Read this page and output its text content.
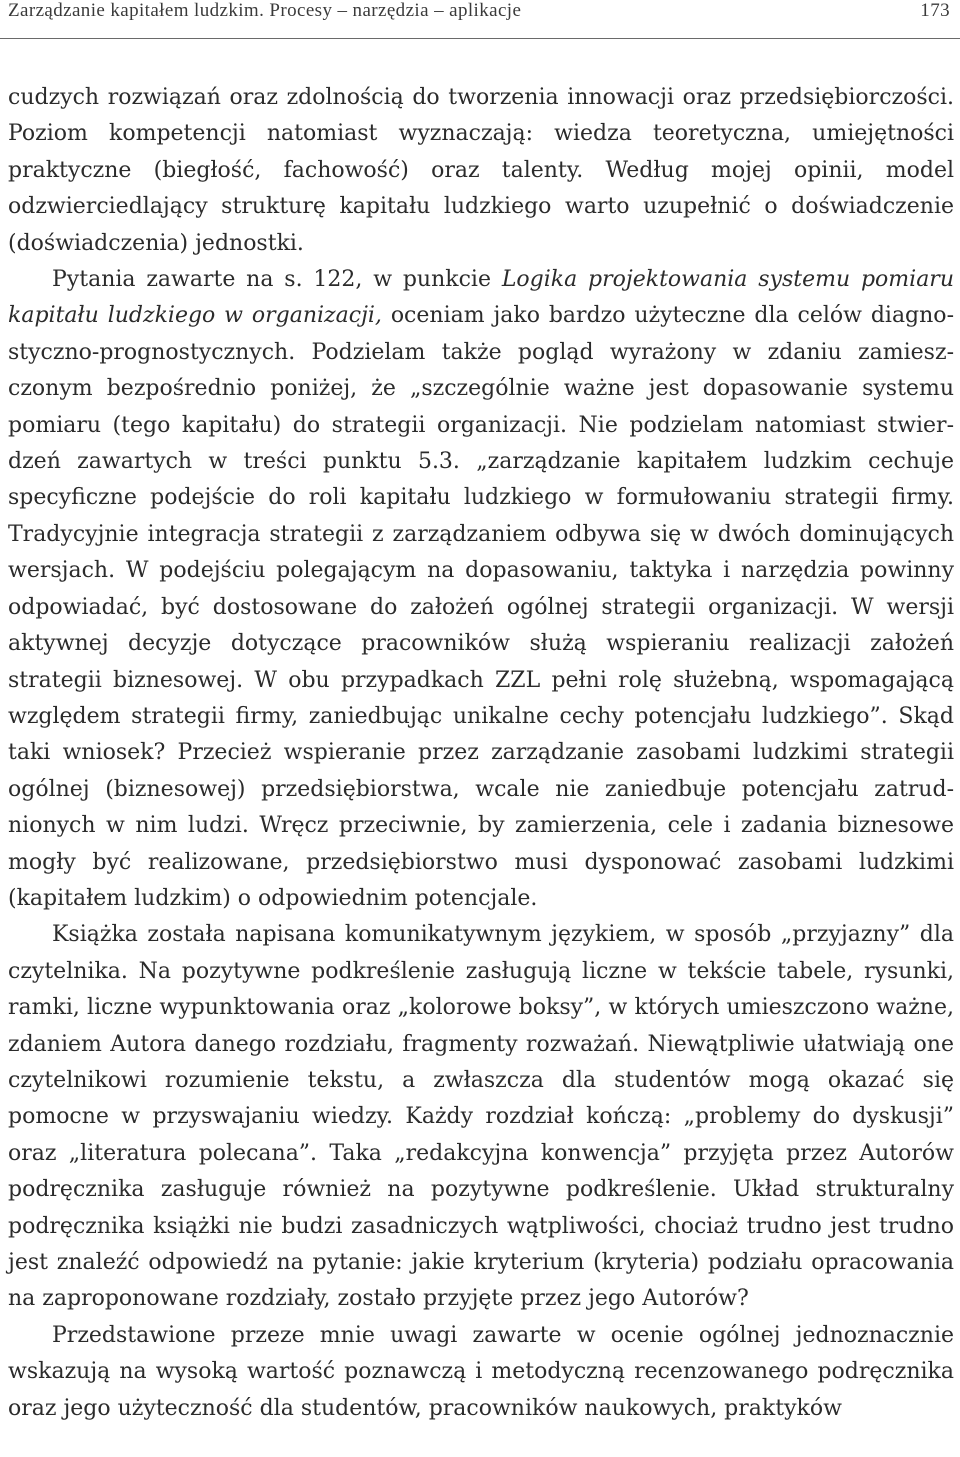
Zarządzanie kapitałem ludzkim. Procesy – narzędzia – aplikacje	173

cudzych rozwiązań oraz zdolnością do tworzenia innowacji oraz przedsiębiorczości. Poziom kompetencji natomiast wyznaczają: wiedza teoretyczna, umiejętności praktyczne (biegłość, fachowość) oraz talenty. Według mojej opinii, model odzwierciedlający strukturę kapitału ludzkiego warto uzupełnić o doświadczenie (doświadczenia) jednostki.

Pytania zawarte na s. 122, w punkcie Logika projektowania systemu pomiaru kapitału ludzkiego w organizacji, oceniam jako bardzo użyteczne dla celów diagnostyczno-prognostycznych. Podzielam także pogląd wyrażony w zdaniu zamieszczonym bezpośrednio poniżej, że „szczególnie ważne jest dopasowanie systemu pomiaru (tego kapitału) do strategii organizacji. Nie podzielam natomiast stwierdzeń zawartych w treści punktu 5.3. „zarządzanie kapitałem ludzkim cechuje specyficzne podejście do roli kapitału ludzkiego w formułowaniu strategii firmy. Tradycyjnie integracja strategii z zarządzaniem odbywa się w dwóch dominujących wersjach. W podejściu polegającym na dopasowaniu, taktyka i narzędzia powinny odpowiadać, być dostosowane do założeń ogólnej strategii organizacji. W wersji aktywnej decyzje dotyczące pracowników służą wspieraniu realizacji założeń strategii biznesowej. W obu przypadkach ZZL pełni rolę służebną, wspomagającą względem strategii firmy, zaniedbując unikalne cechy potencjału ludzkiego”. Skąd taki wniosek? Przecież wspieranie przez zarządzanie zasobami ludzkimi strategii ogólnej (biznesowej) przedsiębiorstwa, wcale nie zaniedbuje potencjału zatrudnionych w nim ludzi. Wręcz przeciwnie, by zamierzenia, cele i zadania biznesowe mogły być realizowane, przedsiębiorstwo musi dysponować zasobami ludzkimi (kapitałem ludzkim) o odpowiednim potencjale.

Książka została napisana komunikatywnym językiem, w sposób „przyjazny” dla czytelnika. Na pozytywne podkreślenie zasługują liczne w tekście tabele, rysunki, ramki, liczne wypunktowania oraz „kolorowe boksy”, w których umieszczono ważne, zdaniem Autora danego rozdziału, fragmenty rozważań. Niewątpliwie ułatwiają one czytelnikowi rozumienie tekstu, a zwłaszcza dla studentów mogą okazać się pomocne w przyswajaniu wiedzy. Każdy rozdział kończą: „problemy do dyskusji” oraz „literatura polecana”. Taka „redakcyjna konwencja” przyjęta przez Autorów podręcznika zasługuje również na pozytywne podkreślenie. Układ strukturalny podręcznika książki nie budzi zasadniczych wątpliwości, chociaż trudno jest trudno jest znaleźć odpowiedź na pytanie: jakie kryterium (kryteria) podziału opracowania na zaproponowane rozdziały, zostało przyjęte przez jego Autorów?

Przedstawione przeze mnie uwagi zawarte w ocenie ogólnej jednoznacznie wskazują na wysoką wartość poznawczą i metodyczną recenzowanego podręcznika oraz jego użyteczność dla studentów, pracowników naukowych, praktyków
